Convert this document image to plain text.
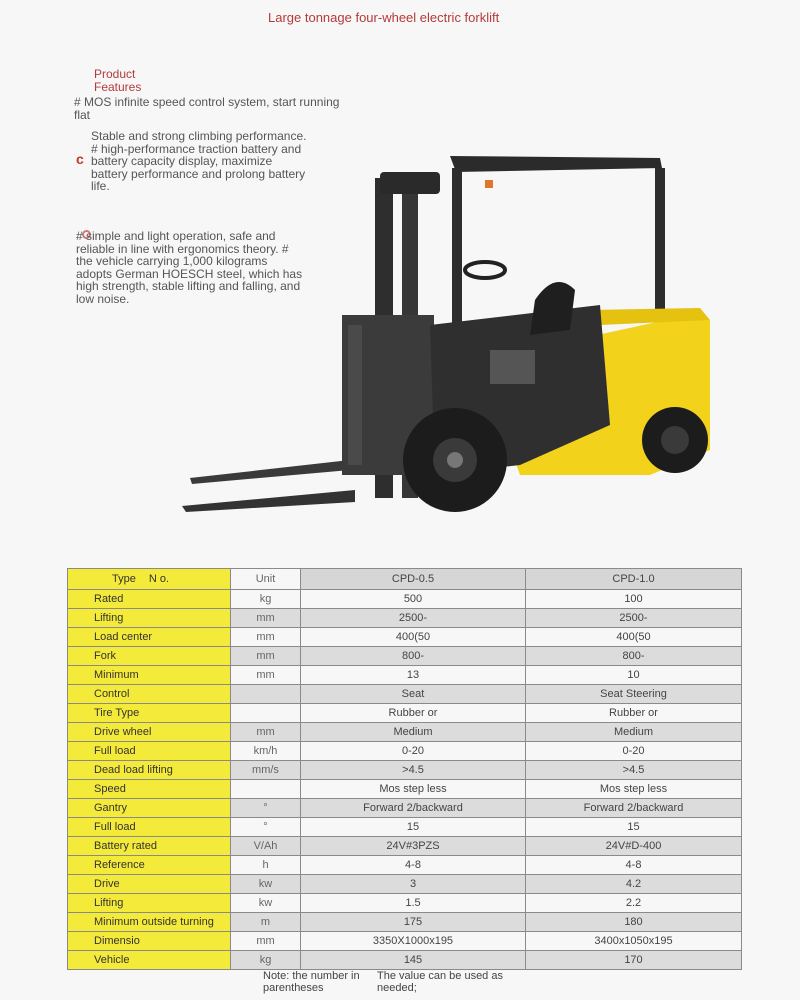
Large tonnage four-wheel electric forklift
Product Features
# MOS infinite speed control system, start running flat
c
Stable and strong climbing performance. # high-performance traction battery and battery capacity display, maximize battery performance and prolong battery life.
# simple and light operation, safe and reliable in line with ergonomics theory. # the vehicle carrying 1,000 kilograms adopts German HOESCH steel, which has high strength, stable lifting and falling, and low noise.
Type N o.	Unit	CPD-0.5	CPD-1.0
Rated	kg	500	100
Lifting	mm	2500-	2500-
Load center	mm	400(50	400(50
Fork	mm	800-	800-
Minimum	mm	13	10
Control		Seat	Seat Steering
Tire Type		Rubber or	Rubber or
Drive wheel	mm	Medium	Medium
Full load	km/h	0-20	0-20
Dead load lifting	mm/s	>4.5	>4.5
Speed		Mos step less	Mos step less
Gantry	°	Forward 2/backward	Forward 2/backward
Full load	°	15	15
Battery rated	V/Ah	24V#3PZS	24V#D-400
Reference	h	4-8	4-8
Drive	kw	3	4.2
Lifting	kw	1.5	2.2
Minimum outside turning	m	175	180
Dimensio	mm	3350X1000x195	3400x1050x195
Vehicle	kg	145	170
Note: the number in parentheses
The value can be used as needed;
